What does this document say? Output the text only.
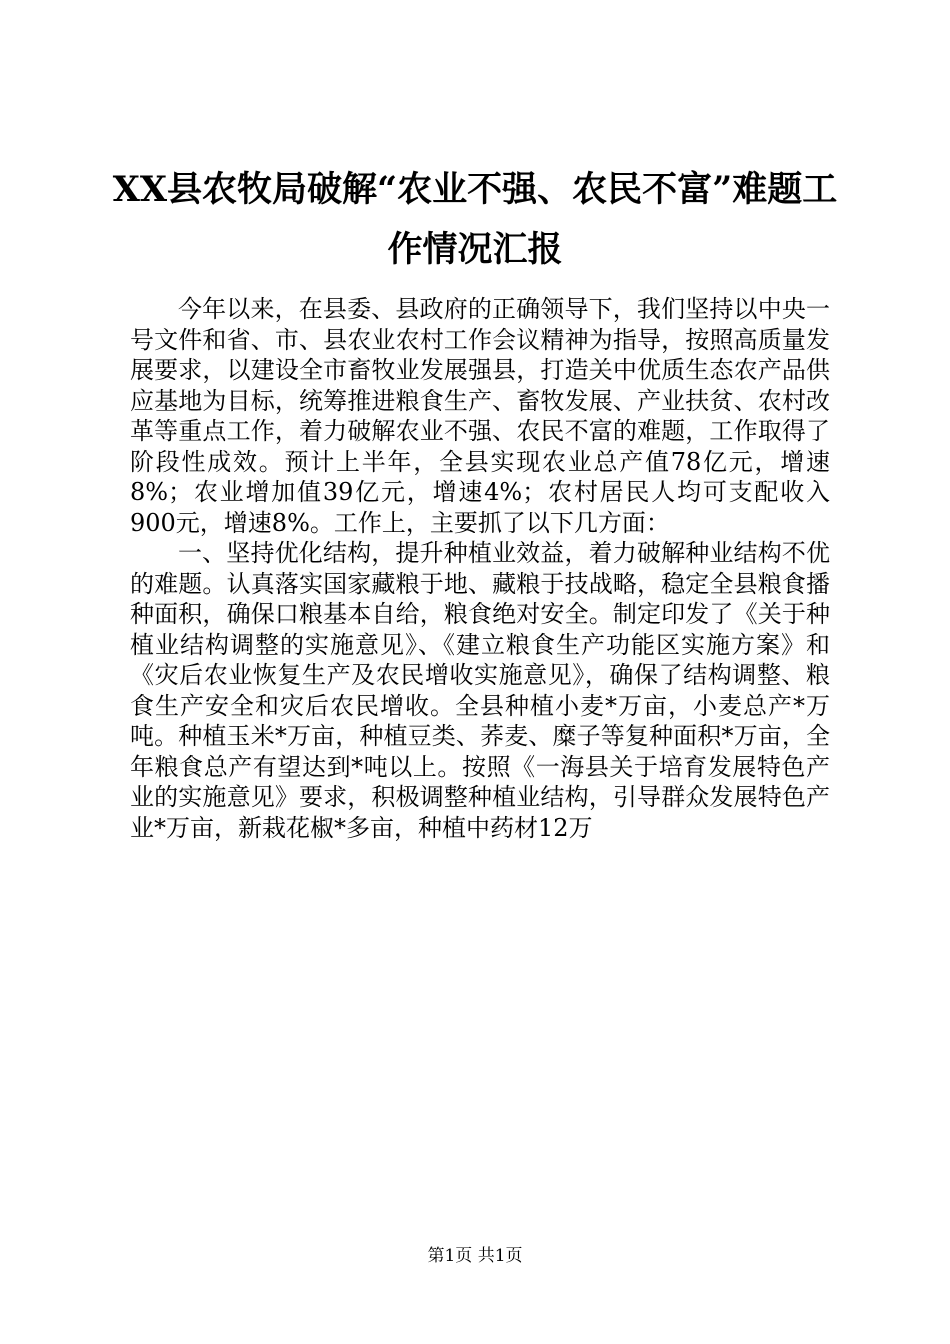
XX县农牧局破解“农业不强、农民不富”难题工作情况汇报

今年以来，在县委、县政府的正确领导下，我们坚持以中央一号文件和省、市、县农业农村工作会议精神为指导，按照高质量发展要求，以建设全市畜牧业发展强县，打造关中优质生态农产品供应基地为目标，统筹推进粮食生产、畜牧发展、产业扶贫、农村改革等重点工作，着力破解农业不强、农民不富的难题，工作取得了阶段性成效。预计上半年，全县实现农业总产值78亿元，增速8%；农业增加值39亿元，增速4%；农村居民人均可支配收入900元，增速8%。工作上，主要抓了以下几方面：

一、坚持优化结构，提升种植业效益，着力破解种业结构不优的难题。认真落实国家藏粮于地、藏粮于技战略，稳定全县粮食播种面积，确保口粮基本自给，粮食绝对安全。制定印发了《关于种植业结构调整的实施意见》、《建立粮食生产功能区实施方案》和《灾后农业恢复生产及农民增收实施意见》，确保了结构调整、粮食生产安全和灾后农民增收。全县种植小麦*万亩，小麦总产*万吨。种植玉米*万亩，种植豆类、荞麦、糜子等复种面积*万亩，全年粮食总产有望达到*吨以上。按照《一海县关于培育发展特色产业的实施意见》要求，积极调整种植业结构，引导群众发展特色产业*万亩，新栽花椒*多亩，种植中药材12万

第1页 共1页
